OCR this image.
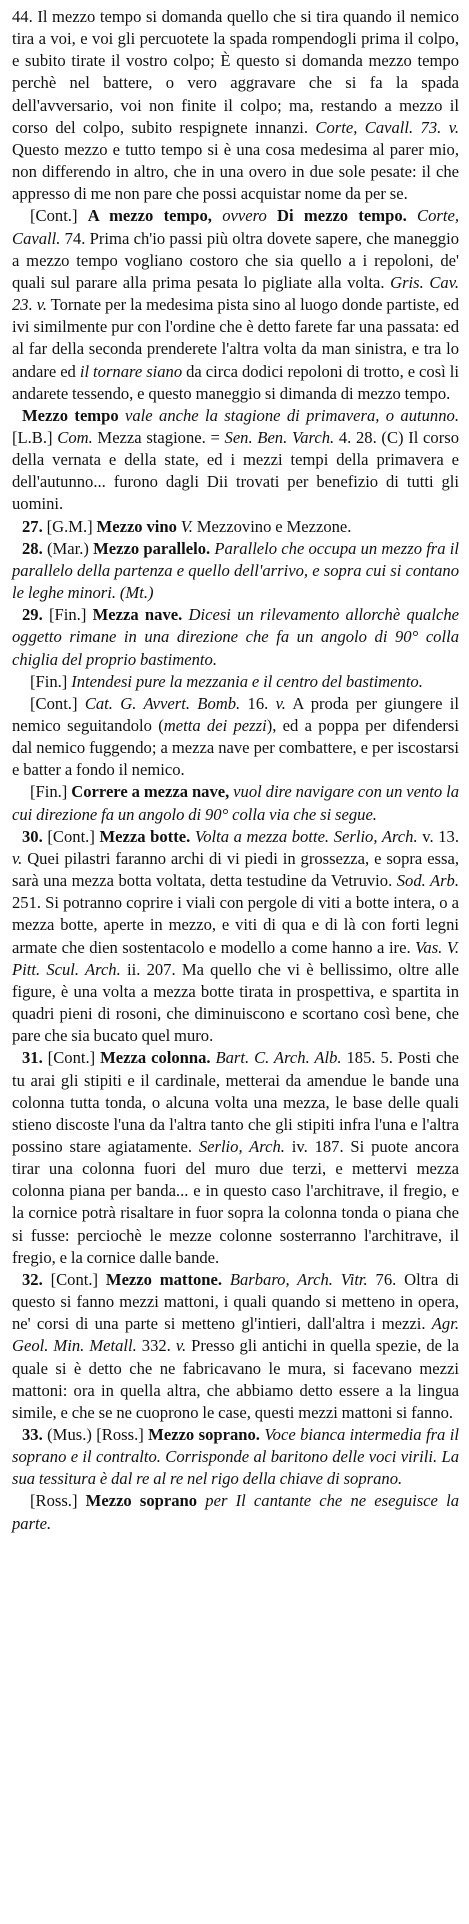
44. Il mezzo tempo si domanda quello che si tira quando il nemico tira a voi, e voi gli percuotete la spada rompendogli prima il colpo, e subito tirate il vostro colpo; È questo si domanda mezzo tempo perchè nel battere, o vero aggravare che si fa la spada dell'avversario, voi non finite il colpo; ma, restando a mezzo il corso del colpo, subito respignete innanzi. Corte, Cavall. 73. v. Questo mezzo e tutto tempo si è una cosa medesima al parer mio, non differendo in altro, che in una overo in due sole pesate: il che appresso di me non pare che possi acquistar nome da per se.

[Cont.] A mezzo tempo, ovvero Di mezzo tempo. Corte, Cavall. 74. Prima ch'io passi più oltra dovete sapere, che maneggio a mezzo tempo vogliano costoro che sia quello a i repoloni, de' quali sul parare alla prima pesata lo pigliate alla volta. Gris. Cav. 23. v. Tornate per la medesima pista sino al luogo donde partiste, ed ivi similmente pur con l'ordine che è detto farete far una passata: ed al far della seconda prenderete l'altra volta da man sinistra, e tra lo andare ed il tornare siano da circa dodici repoloni di trotto, e così li andarete tessendo, e questo maneggio si dimanda di mezzo tempo.

Mezzo tempo vale anche la stagione di primavera, o autunno. [L.B.] Com. Mezza stagione. = Sen. Ben. Varch. 4. 28. (C) Il corso della vernata e della state, ed i mezzi tempi della primavera e dell'autunno... furono dagli Dii trovati per benefizio di tutti gli uomini.

27. [G.M.] Mezzo vino V. Mezzovino e Mezzone.

28. (Mar.) Mezzo parallelo. Parallelo che occupa un mezzo fra il parallelo della partenza e quello dell'arrivo, e sopra cui si contano le leghe minori. (Mt.)

29. [Fin.] Mezza nave. Dicesi un rilevamento allorchè qualche oggetto rimane in una direzione che fa un angolo di 90° colla chiglia del proprio bastimento.

[Fin.] Intendesi pure la mezzania e il centro del bastimento.

[Cont.] Cat. G. Avvert. Bomb. 16. v. A proda per giungere il nemico seguitandolo (metta dei pezzi), ed a poppa per difendersi dal nemico fuggendo; a mezza nave per combattere, e per iscostarsi e batter a fondo il nemico.

[Fin.] Correre a mezza nave, vuol dire navigare con un vento la cui direzione fa un angolo di 90° colla via che si segue.

30. [Cont.] Mezza botte. Volta a mezza botte. Serlio, Arch. v. 13. v. Quei pilastri faranno archi di vi piedi in grossezza, e sopra essa, sarà una mezza botta voltata, detta testudine da Vetruvio. Sod. Arb. 251. Si potranno coprire i viali con pergole di viti a botte intera, o a mezza botte, aperte in mezzo, e viti di qua e di là con forti legni armate che dien sostentacolo e modello a come hanno a ire. Vas. V. Pitt. Scul. Arch. ii. 207. Ma quello che vi è bellissimo, oltre alle figure, è una volta a mezza botte tirata in prospettiva, e spartita in quadri pieni di rosoni, che diminuiscono e scortano così bene, che pare che sia bucato quel muro.

31. [Cont.] Mezza colonna. Bart. C. Arch. Alb. 185. 5. Posti che tu arai gli stipiti e il cardinale, metterai da amendue le bande una colonna tutta tonda, o alcuna volta una mezza, le base delle quali stieno discoste l'una da l'altra tanto che gli stipiti infra l'una e l'altra possino stare agiatamente. Serlio, Arch. iv. 187. Si puote ancora tirar una colonna fuori del muro due terzi, e mettervi mezza colonna piana per banda... e in questo caso l'architrave, il fregio, e la cornice potrà risaltare in fuor sopra la colonna tonda o piana che si fusse: perciochè le mezze colonne sosterranno l'architrave, il fregio, e la cornice dalle bande.

32. [Cont.] Mezzo mattone. Barbaro, Arch. Vitr. 76. Oltra di questo si fanno mezzi mattoni, i quali quando si metteno in opera, ne' corsi di una parte si metteno gl'intieri, dall'altra i mezzi. Agr. Geol. Min. Metall. 332. v. Presso gli antichi in quella spezie, de la quale si è detto che ne fabricavano le mura, si facevano mezzi mattoni: ora in quella altra, che abbiamo detto essere a la lingua simile, e che se ne cuoprono le case, questi mezzi mattoni si fanno.

33. (Mus.) [Ross.] Mezzo soprano. Voce bianca intermedia fra il soprano e il contralto. Corrisponde al baritono delle voci virili. La sua tessitura è dal re al re nel rigo della chiave di soprano.

[Ross.] Mezzo soprano per Il cantante che ne eseguisce la parte.
